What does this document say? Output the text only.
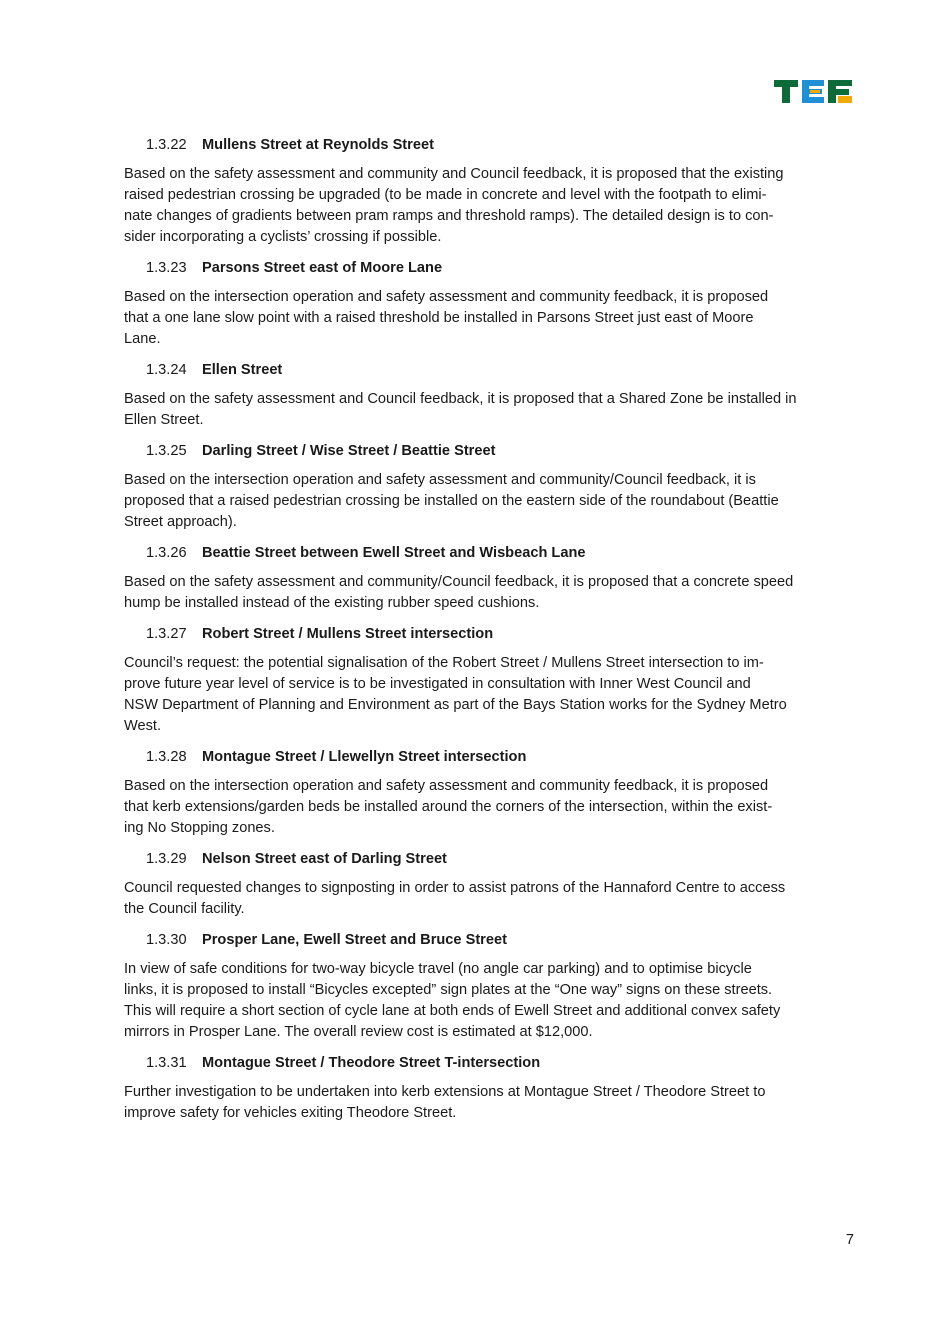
1.3.22 Mullens Street at Reynolds Street
Based on the safety assessment and community and Council feedback, it is proposed that the existing
raised pedestrian crossing be upgraded (to be made in concrete and level with the footpath to elimi-
nate changes of gradients between pram ramps and threshold ramps). The detailed design is to con-
sider incorporating a cyclists’ crossing if possible.
1.3.23 Parsons Street east of Moore Lane
Based on the intersection operation and safety assessment and community feedback, it is proposed
that a one lane slow point with a raised threshold be installed in Parsons Street just east of Moore
Lane.
1.3.24 Ellen Street
Based on the safety assessment and Council feedback, it is proposed that a Shared Zone be installed in
Ellen Street.
1.3.25 Darling Street / Wise Street / Beattie Street
Based on the intersection operation and safety assessment and community/Council feedback, it is
proposed that a raised pedestrian crossing be installed on the eastern side of the roundabout (Beattie
Street approach).
1.3.26 Beattie Street between Ewell Street and Wisbeach Lane
Based on the safety assessment and community/Council feedback, it is proposed that a concrete speed
hump be installed instead of the existing rubber speed cushions.
1.3.27 Robert Street / Mullens Street intersection
Council’s request: the potential signalisation of the Robert Street / Mullens Street intersection to im-
prove future year level of service is to be investigated in consultation with Inner West Council and
NSW Department of Planning and Environment as part of the Bays Station works for the Sydney Metro
West.
1.3.28 Montague Street / Llewellyn Street intersection
Based on the intersection operation and safety assessment and community feedback, it is proposed
that kerb extensions/garden beds be installed around the corners of the intersection, within the exist-
ing No Stopping zones.
1.3.29 Nelson Street east of Darling Street
Council requested changes to signposting in order to assist patrons of the Hannaford Centre to access
the Council facility.
1.3.30 Prosper Lane, Ewell Street and Bruce Street
In view of safe conditions for two-way bicycle travel (no angle car parking) and to optimise bicycle
links, it is proposed to install “Bicycles excepted” sign plates at the “One way” signs on these streets.
This will require a short section of cycle lane at both ends of Ewell Street and additional convex safety
mirrors in Prosper Lane. The overall review cost is estimated at $12,000.
1.3.31 Montague Street / Theodore Street T-intersection
Further investigation to be undertaken into kerb extensions at Montague Street / Theodore Street to
improve safety for vehicles exiting Theodore Street.
7
